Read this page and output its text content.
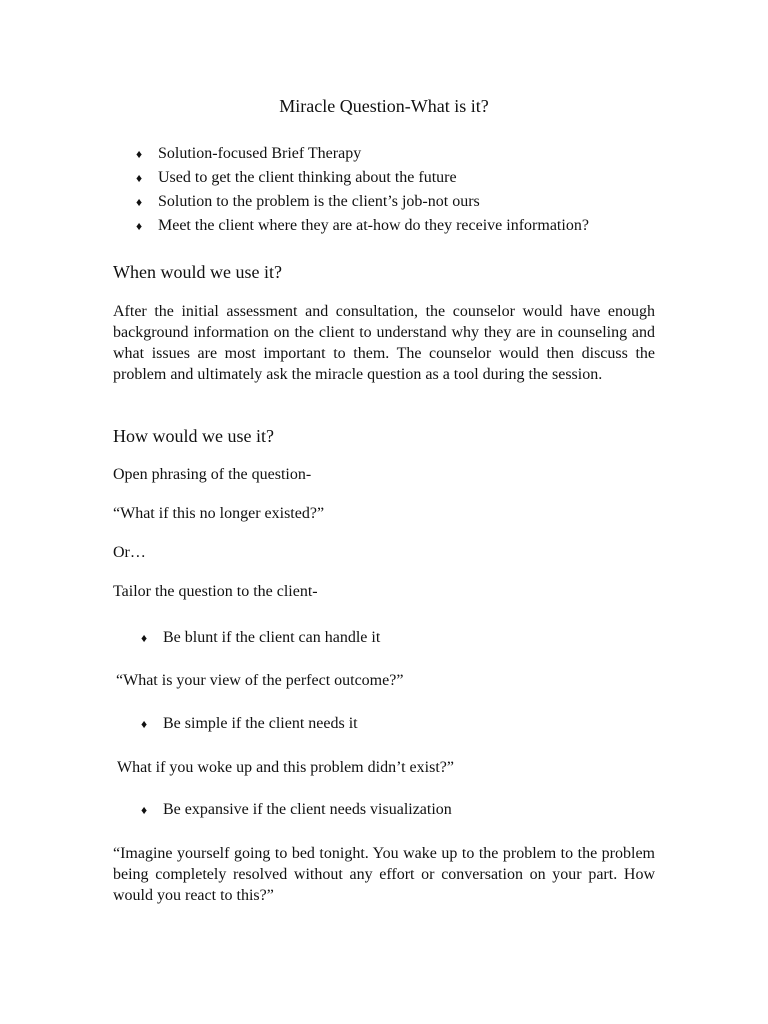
Miracle Question-What is it?
♦ Solution-focused Brief Therapy
♦ Used to get the client thinking about the future
♦ Solution to the problem is the client’s job-not ours
♦ Meet the client where they are at-how do they receive information?
When would we use it?

After the initial assessment and consultation, the counselor would have enough background information on the client to understand why they are in counseling and what issues are most important to them. The counselor would then discuss the problem and ultimately ask the miracle question as a tool during the session.

How would we use it?

Open phrasing of the question-

“What if this no longer existed?”

Or…

Tailor the question to the client-

♦ Be blunt if the client can handle it

“What is your view of the perfect outcome?”

♦ Be simple if the client needs it

What if you woke up and this problem didn’t exist?”

♦ Be expansive if the client needs visualization

“Imagine yourself going to bed tonight. You wake up to the problem to the problem being completely resolved without any effort or conversation on your part. How would you react to this?”
